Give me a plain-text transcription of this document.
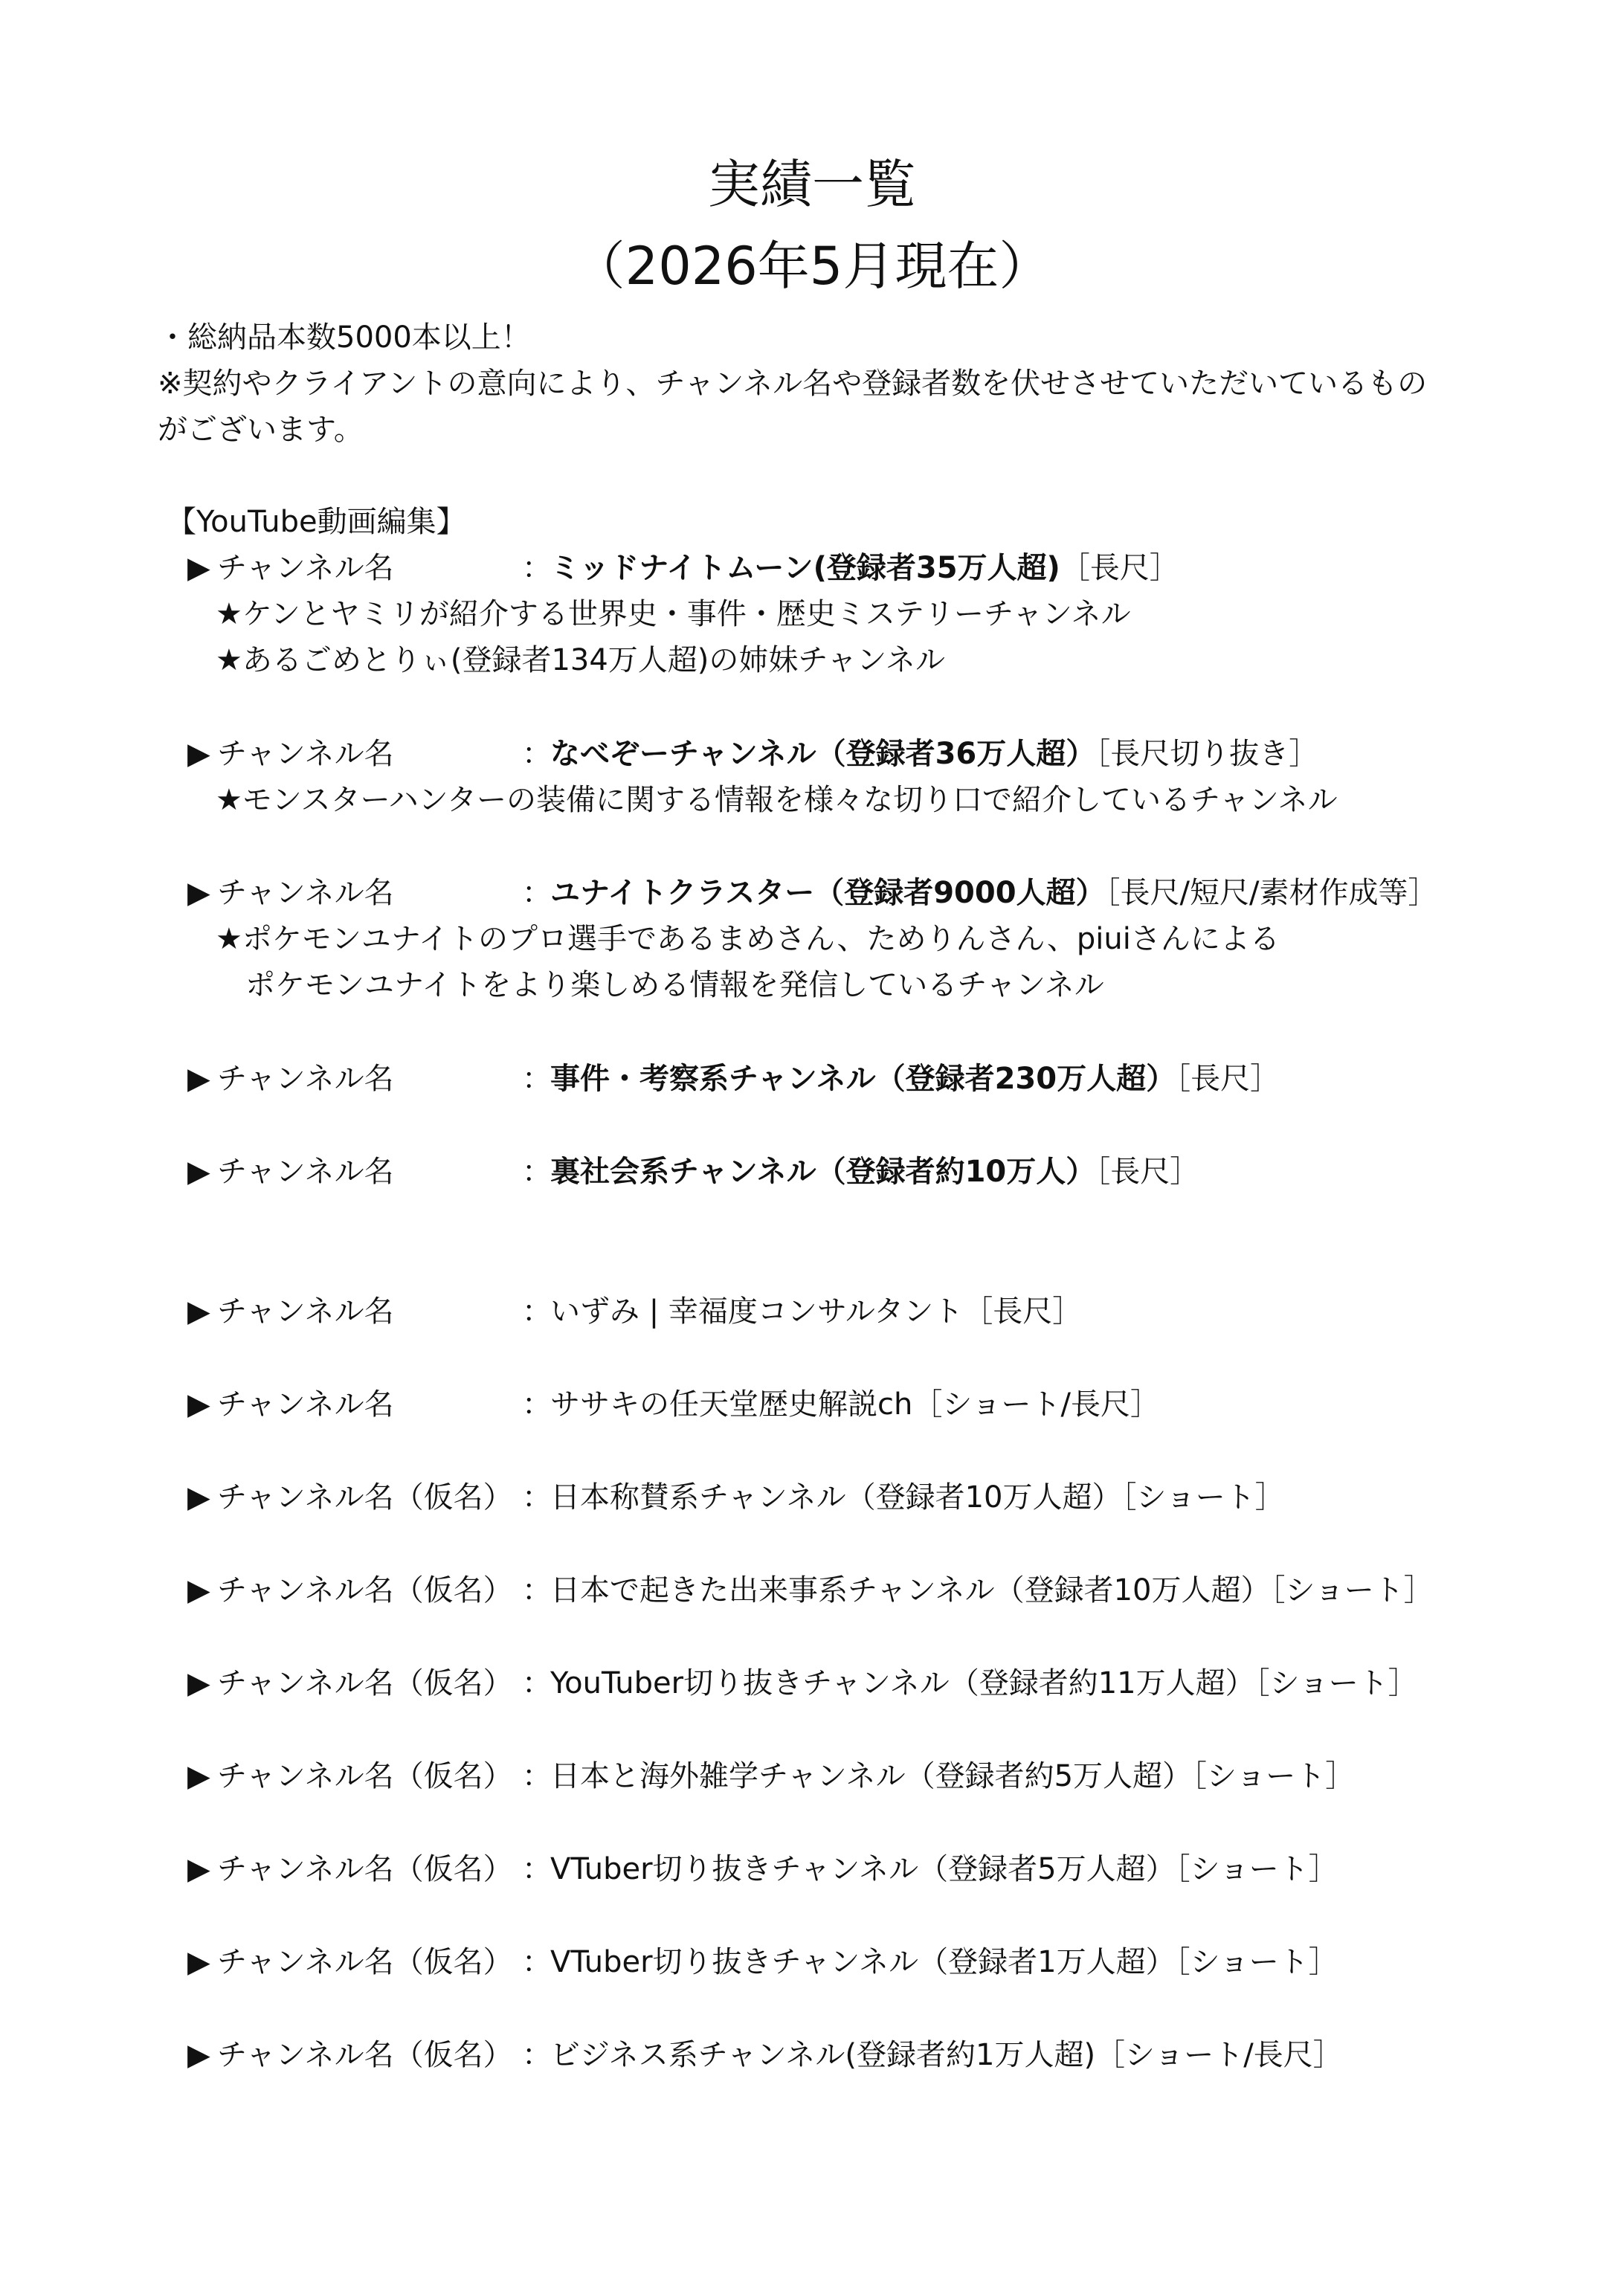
実績一覧
（2026年5月現在）
・総納品本数5000本以上！
※契約やクライアントの意向により、チャンネル名や登録者数を伏せさせていただいているもの
がございます。
【YouTube動画編集】
▶ チャンネル名	：
ミッドナイトムーン(登録者35万人超)［長尺］
★ケンとヤミリが紹介する世界史・事件・歴史ミステリーチャンネル
★あるごめとりぃ(登録者134万人超)の姉妹チャンネル
▶ チャンネル名	：
なべぞーチャンネル（登録者36万人超）［長尺切り抜き］
★モンスターハンターの装備に関する情報を様々な切り口で紹介しているチャンネル
▶ チャンネル名	：
ユナイトクラスター（登録者9000人超）［長尺/短尺/素材作成等］
★ポケモンユナイトのプロ選手であるまめさん、ためりんさん、piuiさんによる
ポケモンユナイトをより楽しめる情報を発信しているチャンネル
▶ チャンネル名	：
事件・考察系チャンネル（登録者230万人超）［長尺］
▶ チャンネル名	：
裏社会系チャンネル（登録者約10万人）［長尺］
▶ チャンネル名	：
いずみ | 幸福度コンサルタント［長尺］
▶ チャンネル名	：
ササキの任天堂歴史解説ch［ショート/長尺］
▶ チャンネル名（仮名） ：
日本称賛系チャンネル（登録者10万人超）［ショート］
▶ チャンネル名（仮名） ：
日本で起きた出来事系チャンネル（登録者10万人超）［ショート］
▶ チャンネル名（仮名） ：
YouTuber切り抜きチャンネル（登録者約11万人超）［ショート］
▶ チャンネル名（仮名） ：
日本と海外雑学チャンネル（登録者約5万人超）［ショート］
▶ チャンネル名（仮名） ：
VTuber切り抜きチャンネル（登録者5万人超）［ショート］
▶ チャンネル名（仮名） ：
VTuber切り抜きチャンネル（登録者1万人超）［ショート］
▶ チャンネル名（仮名） ：
ビジネス系チャンネル(登録者約1万人超)［ショート/長尺］
